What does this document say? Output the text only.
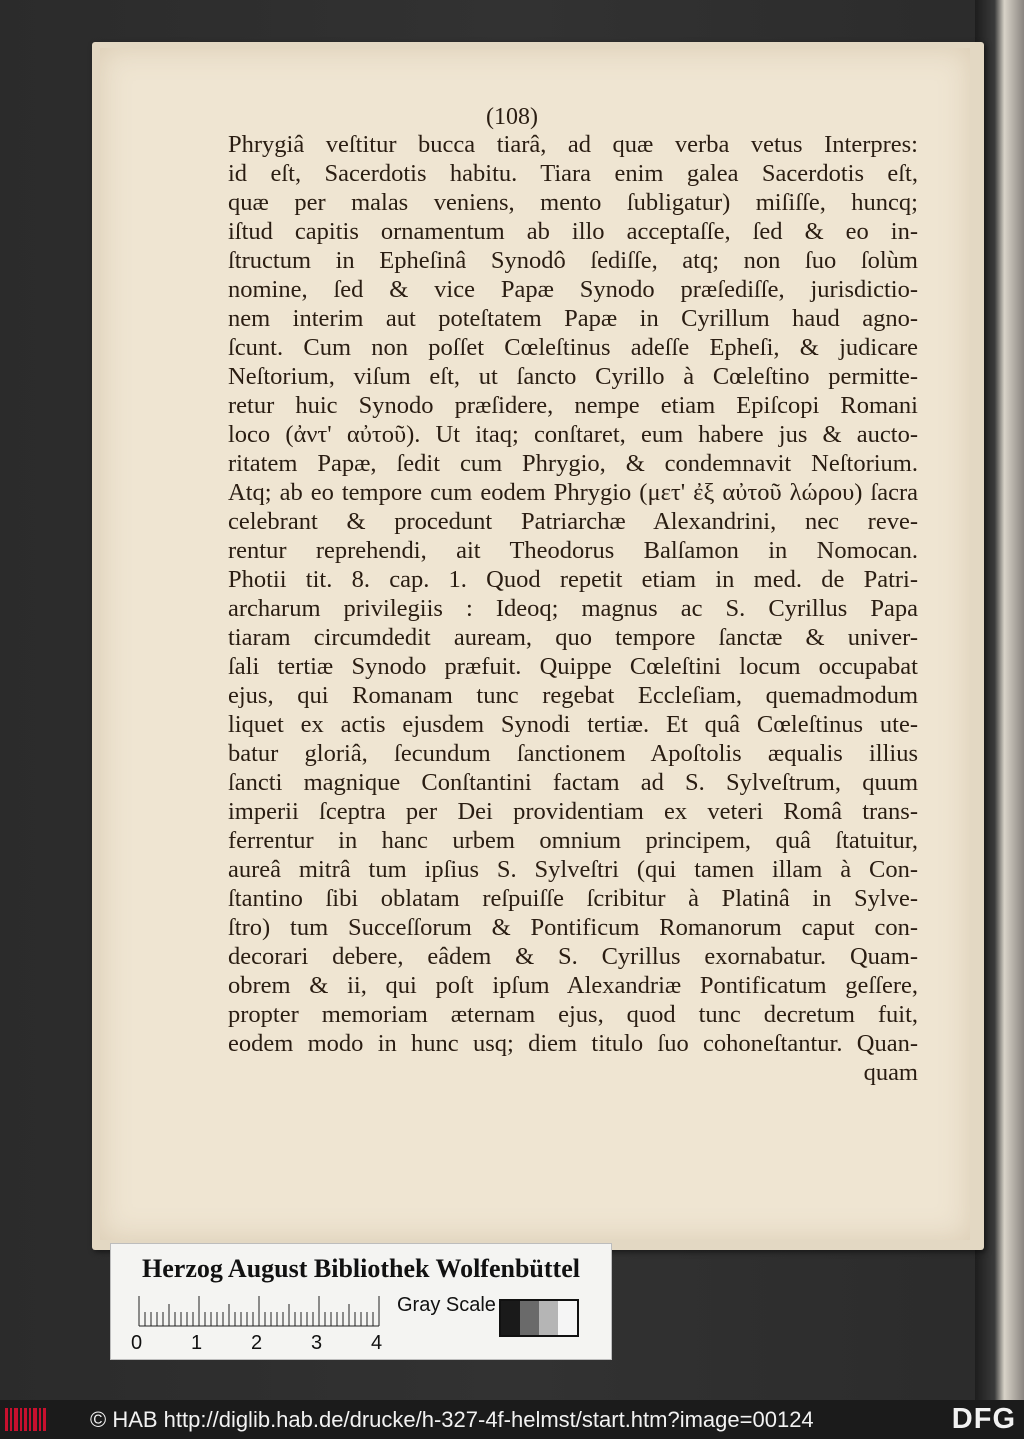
(108)
Phrygiâ veſtitur bucca tiarâ, ad quæ verba vetus Interpres:
id eſt, Sacerdotis habitu. Tiara enim galea Sacerdotis eſt,
quæ per malas veniens, mento ſubligatur) miſiſſe, huncq;
iſtud capitis ornamentum ab illo acceptaſſe, ſed & eo in-
ſtructum in Epheſinâ Synodô ſediſſe, atq; non ſuo ſolùm
nomine, ſed & vice Papæ Synodo præſediſſe, jurisdictio-
nem interim aut poteſtatem Papæ in Cyrillum haud agno-
ſcunt. Cum non poſſet Cœleſtinus adeſſe Epheſi, & judicare
Neſtorium, viſum eſt, ut ſancto Cyrillo à Cœleſtino permitte-
retur huic Synodo præſidere, nempe etiam Epiſcopi Romani
loco (ἀντ' αὐτοῦ). Ut itaq; conſtaret, eum habere jus & aucto-
ritatem Papæ, ſedit cum Phrygio, & condemnavit Neſtorium.
Atq; ab eo tempore cum eodem Phrygio (μετ' ἐξ αὐτοῦ λώρου) ſacra
celebrant & procedunt Patriarchæ Alexandrini, nec reve-
rentur reprehendi, ait Theodorus Balſamon in Nomocan.
Photii tit. 8. cap. 1. Quod repetit etiam in med. de Patri-
archarum privilegiis : Ideoq; magnus ac S. Cyrillus Papa
tiaram circumdedit auream, quo tempore ſanctæ & univer-
ſali tertiæ Synodo præfuit. Quippe Cœleſtini locum occupabat
ejus, qui Romanam tunc regebat Eccleſiam, quemadmodum
liquet ex actis ejusdem Synodi tertiæ. Et quâ Cœleſtinus ute-
batur gloriâ, ſecundum ſanctionem Apoſtolis æqualis illius
ſancti magnique Conſtantini factam ad S. Sylveſtrum, quum
imperii ſceptra per Dei providentiam ex veteri Româ trans-
ferrentur in hanc urbem omnium principem, quâ ſtatuitur,
aureâ mitrâ tum ipſius S. Sylveſtri (qui tamen illam à Con-
ſtantino ſibi oblatam reſpuiſſe ſcribitur à Platinâ in Sylve-
ſtro) tum Succeſſorum & Pontificum Romanorum caput con-
decorari debere, eâdem & S. Cyrillus exornabatur. Quam-
obrem & ii, qui poſt ipſum Alexandriæ Pontificatum geſſere,
propter memoriam æternam ejus, quod tunc decretum fuit,
eodem modo in hunc usq; diem titulo ſuo cohoneſtantur. Quan-
quam
Herzog August Bibliothek Wolfenbüttel
0 1 2 3 4
Gray Scale
© HAB http://diglib.hab.de/drucke/h-327-4f-helmst/start.htm?image=00124	DFG
